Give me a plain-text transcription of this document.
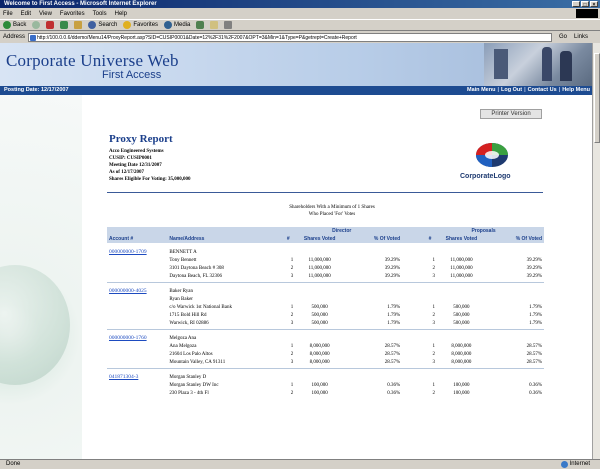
Welcome to First Access - Microsoft Internet Explorer	_	□	×
File Edit View Favorites Tools Help
Back	Search	Favorites	Media
Address	http://100.0.0.6/ddemo/Menu14/ProxyReport.asp?SID=CUSIP0001&Date=12%2F31%2F2007&OPT=3&Min=1&Type=P&getrept=Create+Report	Go	Links
Corporate Universe Web
First Access
Posting Date: 12/17/2007	Main Menu | Log Out | Contact Us | Help Menu
Printer Version
Proxy Report
Acco Engineered Systems
CUSIP: CUSIP0001
Meeting Date 12/31/2007
As of 12/17/2007
Shares Eligible For Voting: 35,000,000	CorporateLogo
Shareholders With a Minimum of 1 Shares
Who Placed 'For' Votes
		Director				Proposals		
Account #	Name/Address	#	Shares Voted	% Of Voted		#	Shares Voted	% Of Voted

000000000-1709	BENNETT A							
	Tony Bennett	1	11,000,000	39.29%		1	11,000,000	39.29%
	3101 Daytona Beach # 308	2	11,000,000	39.29%		2	11,000,000	39.29%
	Daytona Beach, FL 32306	3	11,000,000	39.29%		3	11,000,000	39.29%

000000000-4025	Baker Ryan							
	Ryan Baker							
	c/o Warwick 1st National Bank	1	500,000	1.79%		1	500,000	1.79%
	1715 Bold Hill Rd	2	500,000	1.79%		2	500,000	1.79%
	Warwick, RI 02886	3	500,000	1.79%		3	500,000	1.79%

000000000-1760	Melgoza Ana							
	Ana Melgoza	1	8,000,000	28.57%		1	8,000,000	28.57%
	21604 Los Palo Altos	2	8,000,000	28.57%		2	8,000,000	28.57%
	Mountain Valley, CA 91311	3	8,000,000	28.57%		3	8,000,000	28.57%

041871304-3	Morgan Stanley D							
	Morgan Stanley DW Inc	1	100,000	0.36%		1	100,000	0.36%
	230 Plaza 3 - 4th Fl	2	100,000	0.36%		2	100,000	0.36%
Done	Internet
